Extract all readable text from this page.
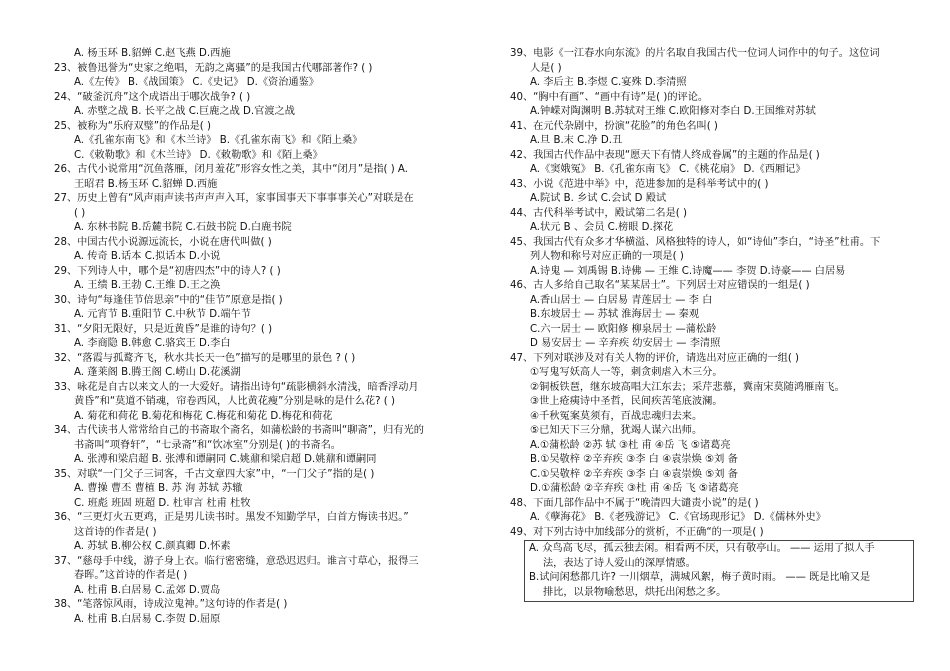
A. 杨玉环 B.貂蝉 C.赵飞燕 D.西施
23、被鲁迅誉为“史家之绝唱，无韵之离骚”的是我国古代哪部著作? ( )
A.《左传》 B.《战国策》 C.《史记》 D.《资治通鉴》
24、“破釜沉舟”这个成语出于哪次战争? ( )
A. 赤壁之战 B. 长平之战 C.巨鹿之战 D.官渡之战
25、被称为“乐府双璧”的作品是( )
A.《孔雀东南飞》和《木兰诗》 B.《孔雀东南飞》和《陌上桑》
C.《敕勒歌》和《木兰诗》 D.《敕勒歌》和《陌上桑》
26、古代小说常用“沉鱼落雁，闭月羞花”形容女性之美，其中“闭月”是指( ) A.
王昭君 B.杨玉环 C.貂蝉 D.西施
27、历史上曾有“风声雨声读书声声声入耳，家事国事天下事事事关心”对联是在
( )
A. 东林书院 B.岳麓书院 C.石鼓书院 D.白鹿书院
28、中国古代小说源远流长，小说在唐代叫做( )
A. 传奇 B.话本 C.拟话本 D.小说
29、下列诗人中，哪个是“初唐四杰”中的诗人? ( )
A. 王绩 B.王勃 C.王维 D.王之涣
30、诗句“每逢佳节倍思亲”中的“佳节”原意是指( )
A. 元宵节 B.重阳节 C.中秋节 D.端午节
31、“夕阳无限好，只是近黄昏”是谁的诗句？( )
A. 李商隐 B.韩愈 C.骆宾王 D.李白
32、“落霞与孤鹜齐飞，秋水共长天一色”描写的是哪里的景色 ? ( )
A. 蓬莱阁 B.腾王阁 C.崂山 D.花溪湖
33、咏花是自古以来文人的一大爱好。请指出诗句“疏影横斜水清浅，暗香浮动月
黄昏”和“莫道不销魂，帘卷西风，人比黄花瘦”分别是咏的是什么花? ( )
A. 菊花和荷花 B.菊花和梅花 C.梅花和菊花 D.梅花和荷花
34、古代读书人常常给自己的书斋取个斋名，如蒲松龄的书斋叫“聊斋”，归有光的
书斋叫“项脊轩”，“七录斋”和“饮冰室”分别是( )的书斋名。
A. 张溥和梁启超 B. 张溥和谭嗣同 C.姚鼐和梁启超 D.姚鼐和谭嗣同
35、对联“一门父子三词客，千古文章四大家”中，“一门父子”指的是( )
A. 曹操 曹丕 曹植 B. 苏 洵 苏轼 苏辙
C. 班彪 班固 班超 D. 杜审言 杜甫 杜牧
36、“三更灯火五更鸡，正是男儿读书时。黑发不知勤学早，白首方悔读书迟。”
这首诗的作者是( )
A. 苏轼 B.柳公权 C.颜真卿 D.怀素
37、“慈母手中线，游子身上衣。临行密密缝，意恐迟迟归。谁言寸草心，报得三
春晖。”这首诗的作者是( )
A. 杜甫 B.白居易 C.孟郊 D.贾岛
38、“笔落惊风雨，诗成泣鬼神。”这句诗的作者是( )
A. 杜甫 B.白居易 C.李贺 D.屈原
39、电影《一江春水向东流》的片名取自我国古代一位词人词作中的句子。这位词
人是( )
A. 李后主 B.李煜 C.宴殊 D.李清照
40、“胸中有画”、“画中有诗”是( )的评论。
A.钟嵘对陶渊明 B.苏轼对王维 C.欧阳修对李白 D.王国维对苏轼
41、在元代杂剧中，扮演“花脸”的角色名叫( )
A.旦 B.末 C.净 D.丑
42、我国古代作品中表现“愿天下有情人终成眷属”的主题的作品是( )
A.《窦娥冤》 B.《孔雀东南飞》 C.《桃花扇》 D.《西厢记》
43、小说《范进中举》中，范进参加的是科举考试中的( )
A.院试 B. 乡试 C.会试 D 殿试
44、古代科举考试中，殿试第二名是( )
A.状元 B 、会员 C.榜眼 D.探花
45、我国古代有众多才华横溢、风格独特的诗人，如“诗仙”李白，“诗圣”杜甫。下
列人物和称号对应正确的一项是( )
A.诗鬼 — 刘禹锡 B.诗佛 — 王维 C.诗魔—— 李贺 D.诗豪—— 白居易
46、古人多给自己取名“某某居士”。下列居士对应错误的一组是( )
A.香山居士 — 白居易 青莲居士 — 李 白
B.东坡居士 — 苏轼 淮海居士 — 秦观
C.六一居士 — 欧阳修 柳泉居士 —蒲松龄
D 易安居士 — 辛弃疾 幼安居士 — 李清照
47、下列对联涉及对有关人物的评价，请选出对应正确的一组( )
①写鬼写妖高人一等，刺贪刺虐入木三分。
②铜板铁琶，继东坡高唱大江东去；采芹悲慕，冀南宋莫随鸿雁南飞。
③世上疮痍诗中圣哲，民间疾苦笔底波澜。
④千秋冤案莫须有，百战忠魂归去来。
⑤已知天下三分鼎，犹竭人谋六出师。
A.①蒲松龄 ②苏 轼 ③杜 甫 ④岳 飞 ⑤诸葛亮
B.①吴敬梓 ②辛弃疾 ③李 白 ④袁崇焕 ⑤刘 备
C.①吴敬梓 ②辛弃疾 ③李 白 ④袁崇焕 ⑤刘 备
D.①蒲松龄 ②辛弃疾 ③杜 甫 ④岳 飞 ⑤诸葛亮
48、下面几部作品中不属于“晚清四大谴责小说”的是( )
A.《孽海花》 B.《老残游记》 C.《官场现形记》 D.《儒林外史》
49、对下列古诗中加线部分的赏析，不正确“的一项是( )
A. 众鸟高飞尽，孤云独去闲。相看两不厌，只有敬亭山。 —— 运用了拟人手
法，表达了诗人爱山的深厚情感。
B.试问闲愁都几许? 一川烟草，满城风絮，梅子黄时雨。 —— 既是比喻又是
排比，以景物喻愁思，烘托出闲愁之多。
